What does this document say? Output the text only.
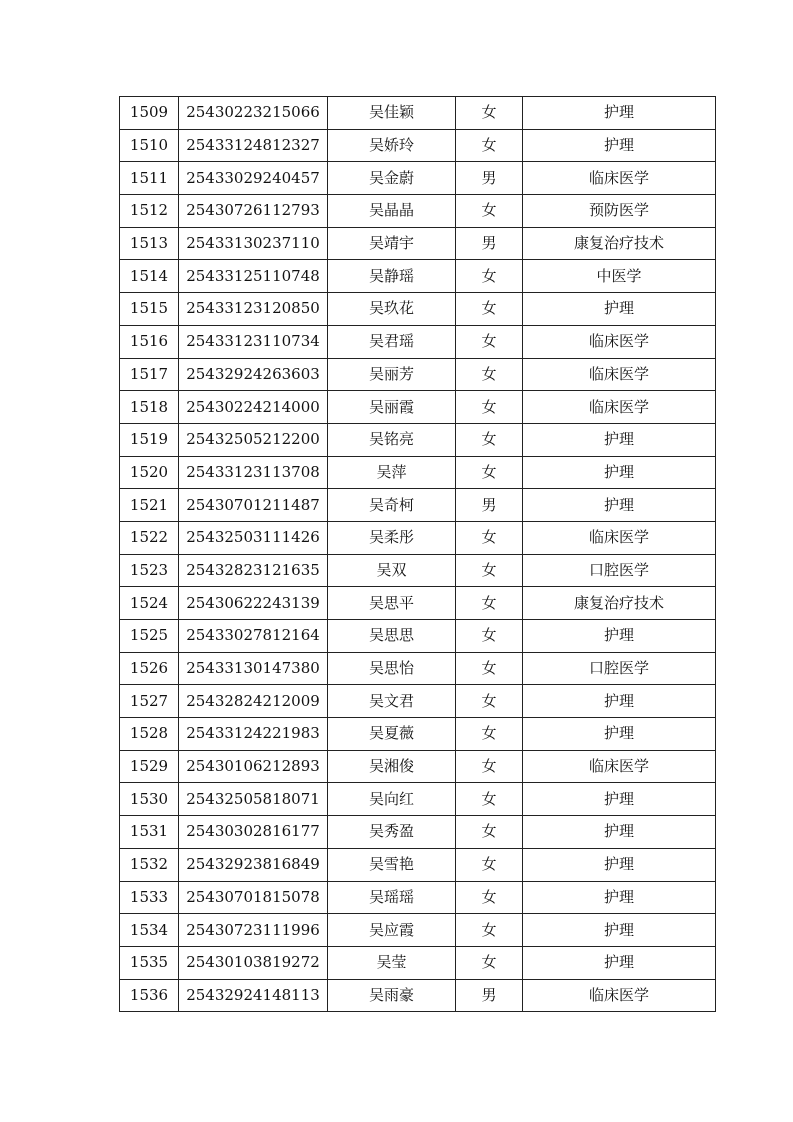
1509	25430223215066	吴佳颖	女	护理
1510	25433124812327	吴娇玲	女	护理
1511	25433029240457	吴金蔚	男	临床医学
1512	25430726112793	吴晶晶	女	预防医学
1513	25433130237110	吴靖宇	男	康复治疗技术
1514	25433125110748	吴静瑶	女	中医学
1515	25433123120850	吴玖花	女	护理
1516	25433123110734	吴君瑶	女	临床医学
1517	25432924263603	吴丽芳	女	临床医学
1518	25430224214000	吴丽霞	女	临床医学
1519	25432505212200	吴铭亮	女	护理
1520	25433123113708	吴萍	女	护理
1521	25430701211487	吴奇柯	男	护理
1522	25432503111426	吴柔彤	女	临床医学
1523	25432823121635	吴双	女	口腔医学
1524	25430622243139	吴思平	女	康复治疗技术
1525	25433027812164	吴思思	女	护理
1526	25433130147380	吴思怡	女	口腔医学
1527	25432824212009	吴文君	女	护理
1528	25433124221983	吴夏薇	女	护理
1529	25430106212893	吴湘俊	女	临床医学
1530	25432505818071	吴向红	女	护理
1531	25430302816177	吴秀盈	女	护理
1532	25432923816849	吴雪艳	女	护理
1533	25430701815078	吴瑶瑶	女	护理
1534	25430723111996	吴应霞	女	护理
1535	25430103819272	吴莹	女	护理
1536	25432924148113	吴雨豪	男	临床医学
